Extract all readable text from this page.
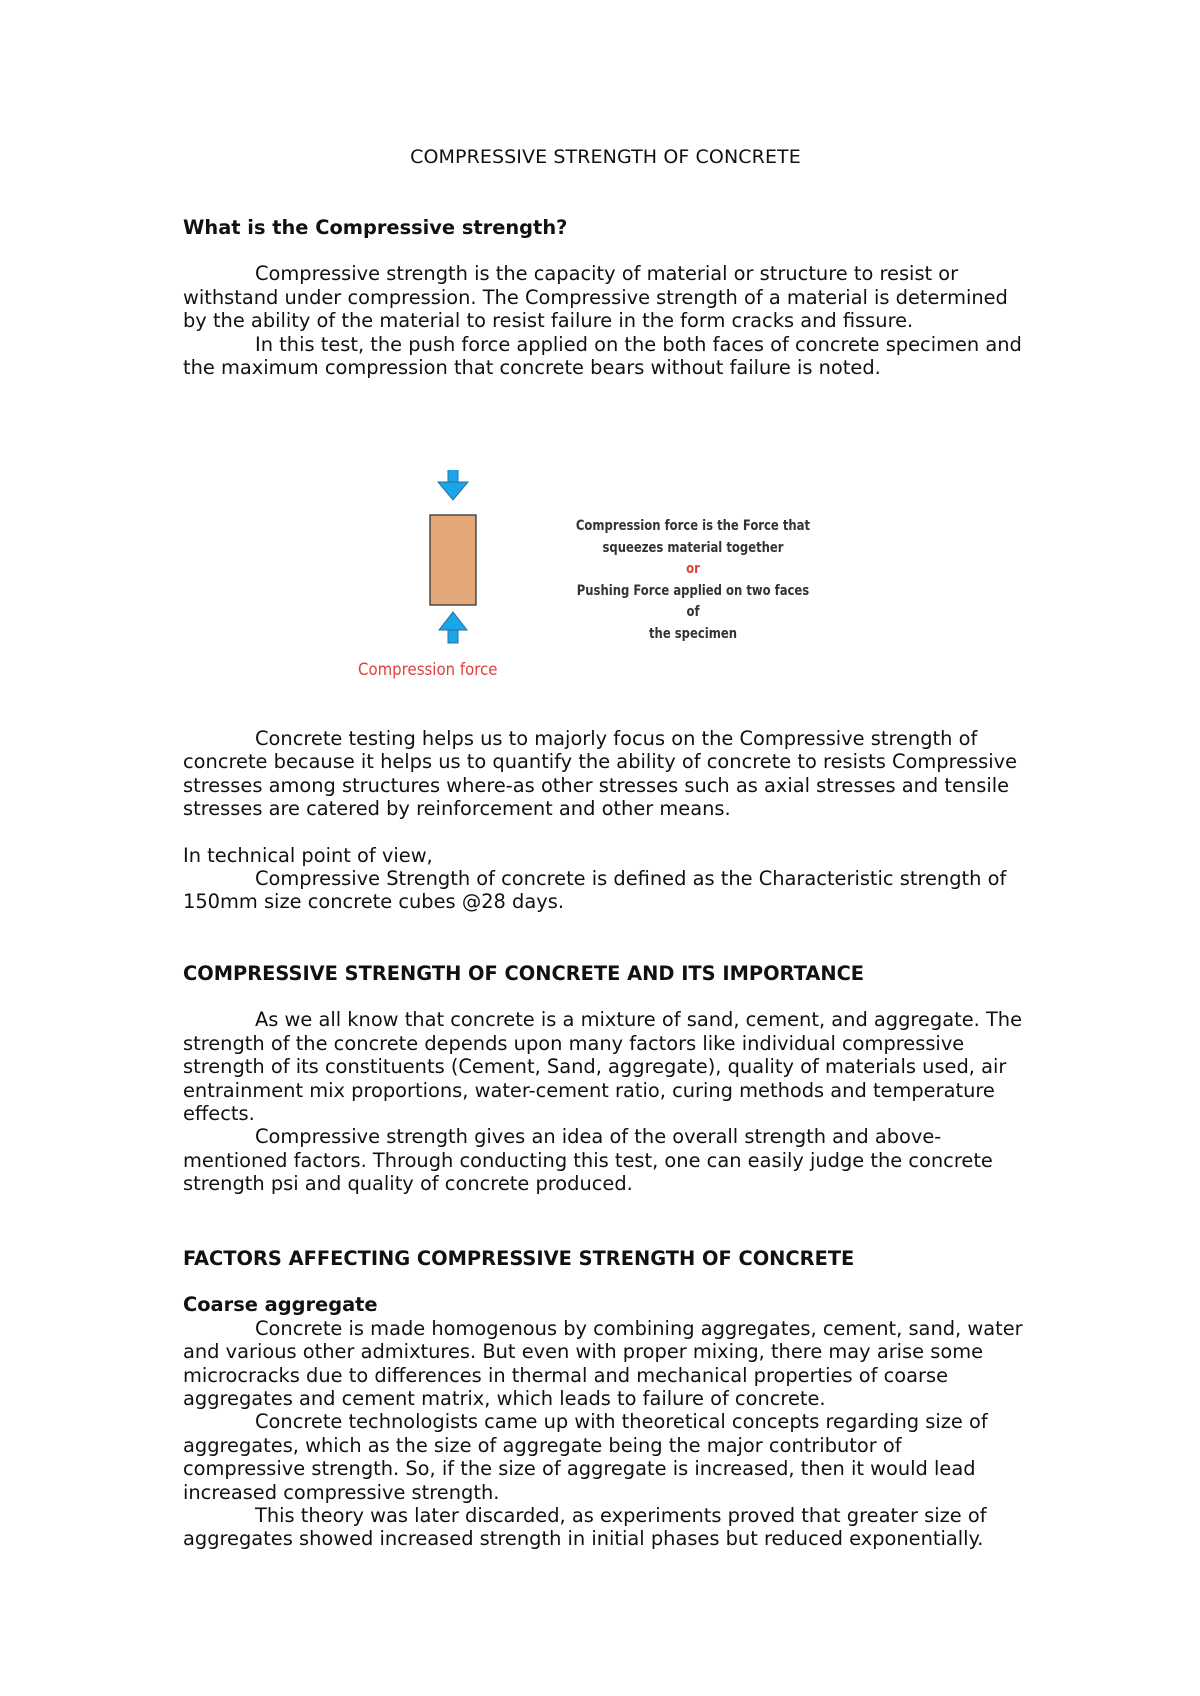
COMPRESSIVE STRENGTH OF CONCRETE

What is the Compressive strength?

Compressive strength is the capacity of material or structure to resist or withstand under compression. The Compressive strength of a material is determined by the ability of the material to resist failure in the form cracks and fissure.

In this test, the push force applied on the both faces of concrete specimen and the maximum compression that concrete bears without failure is noted.

Compression force is the Force that
squeezes material together
or
Pushing Force applied on two faces of
the specimen
Compression force

Concrete testing helps us to majorly focus on the Compressive strength of concrete because it helps us to quantify the ability of concrete to resists Compressive stresses among structures where-as other stresses such as axial stresses and tensile stresses are catered by reinforcement and other means.

In technical point of view,

Compressive Strength of concrete is defined as the Characteristic strength of 150mm size concrete cubes @28 days.

COMPRESSIVE STRENGTH OF CONCRETE AND ITS IMPORTANCE

As we all know that concrete is a mixture of sand, cement, and aggregate. The strength of the concrete depends upon many factors like individual compressive strength of its constituents (Cement, Sand, aggregate), quality of materials used, air entrainment mix proportions, water-cement ratio, curing methods and temperature effects.

Compressive strength gives an idea of the overall strength and above-mentioned factors. Through conducting this test, one can easily judge the concrete strength psi and quality of concrete produced.

FACTORS AFFECTING COMPRESSIVE STRENGTH OF CONCRETE

Coarse aggregate

Concrete is made homogenous by combining aggregates, cement, sand, water and various other admixtures. But even with proper mixing, there may arise some microcracks due to differences in thermal and mechanical properties of coarse aggregates and cement matrix, which leads to failure of concrete.

Concrete technologists came up with theoretical concepts regarding size of aggregates, which as the size of aggregate being the major contributor of compressive strength. So, if the size of aggregate is increased, then it would lead increased compressive strength.

This theory was later discarded, as experiments proved that greater size of aggregates showed increased strength in initial phases but reduced exponentially.
